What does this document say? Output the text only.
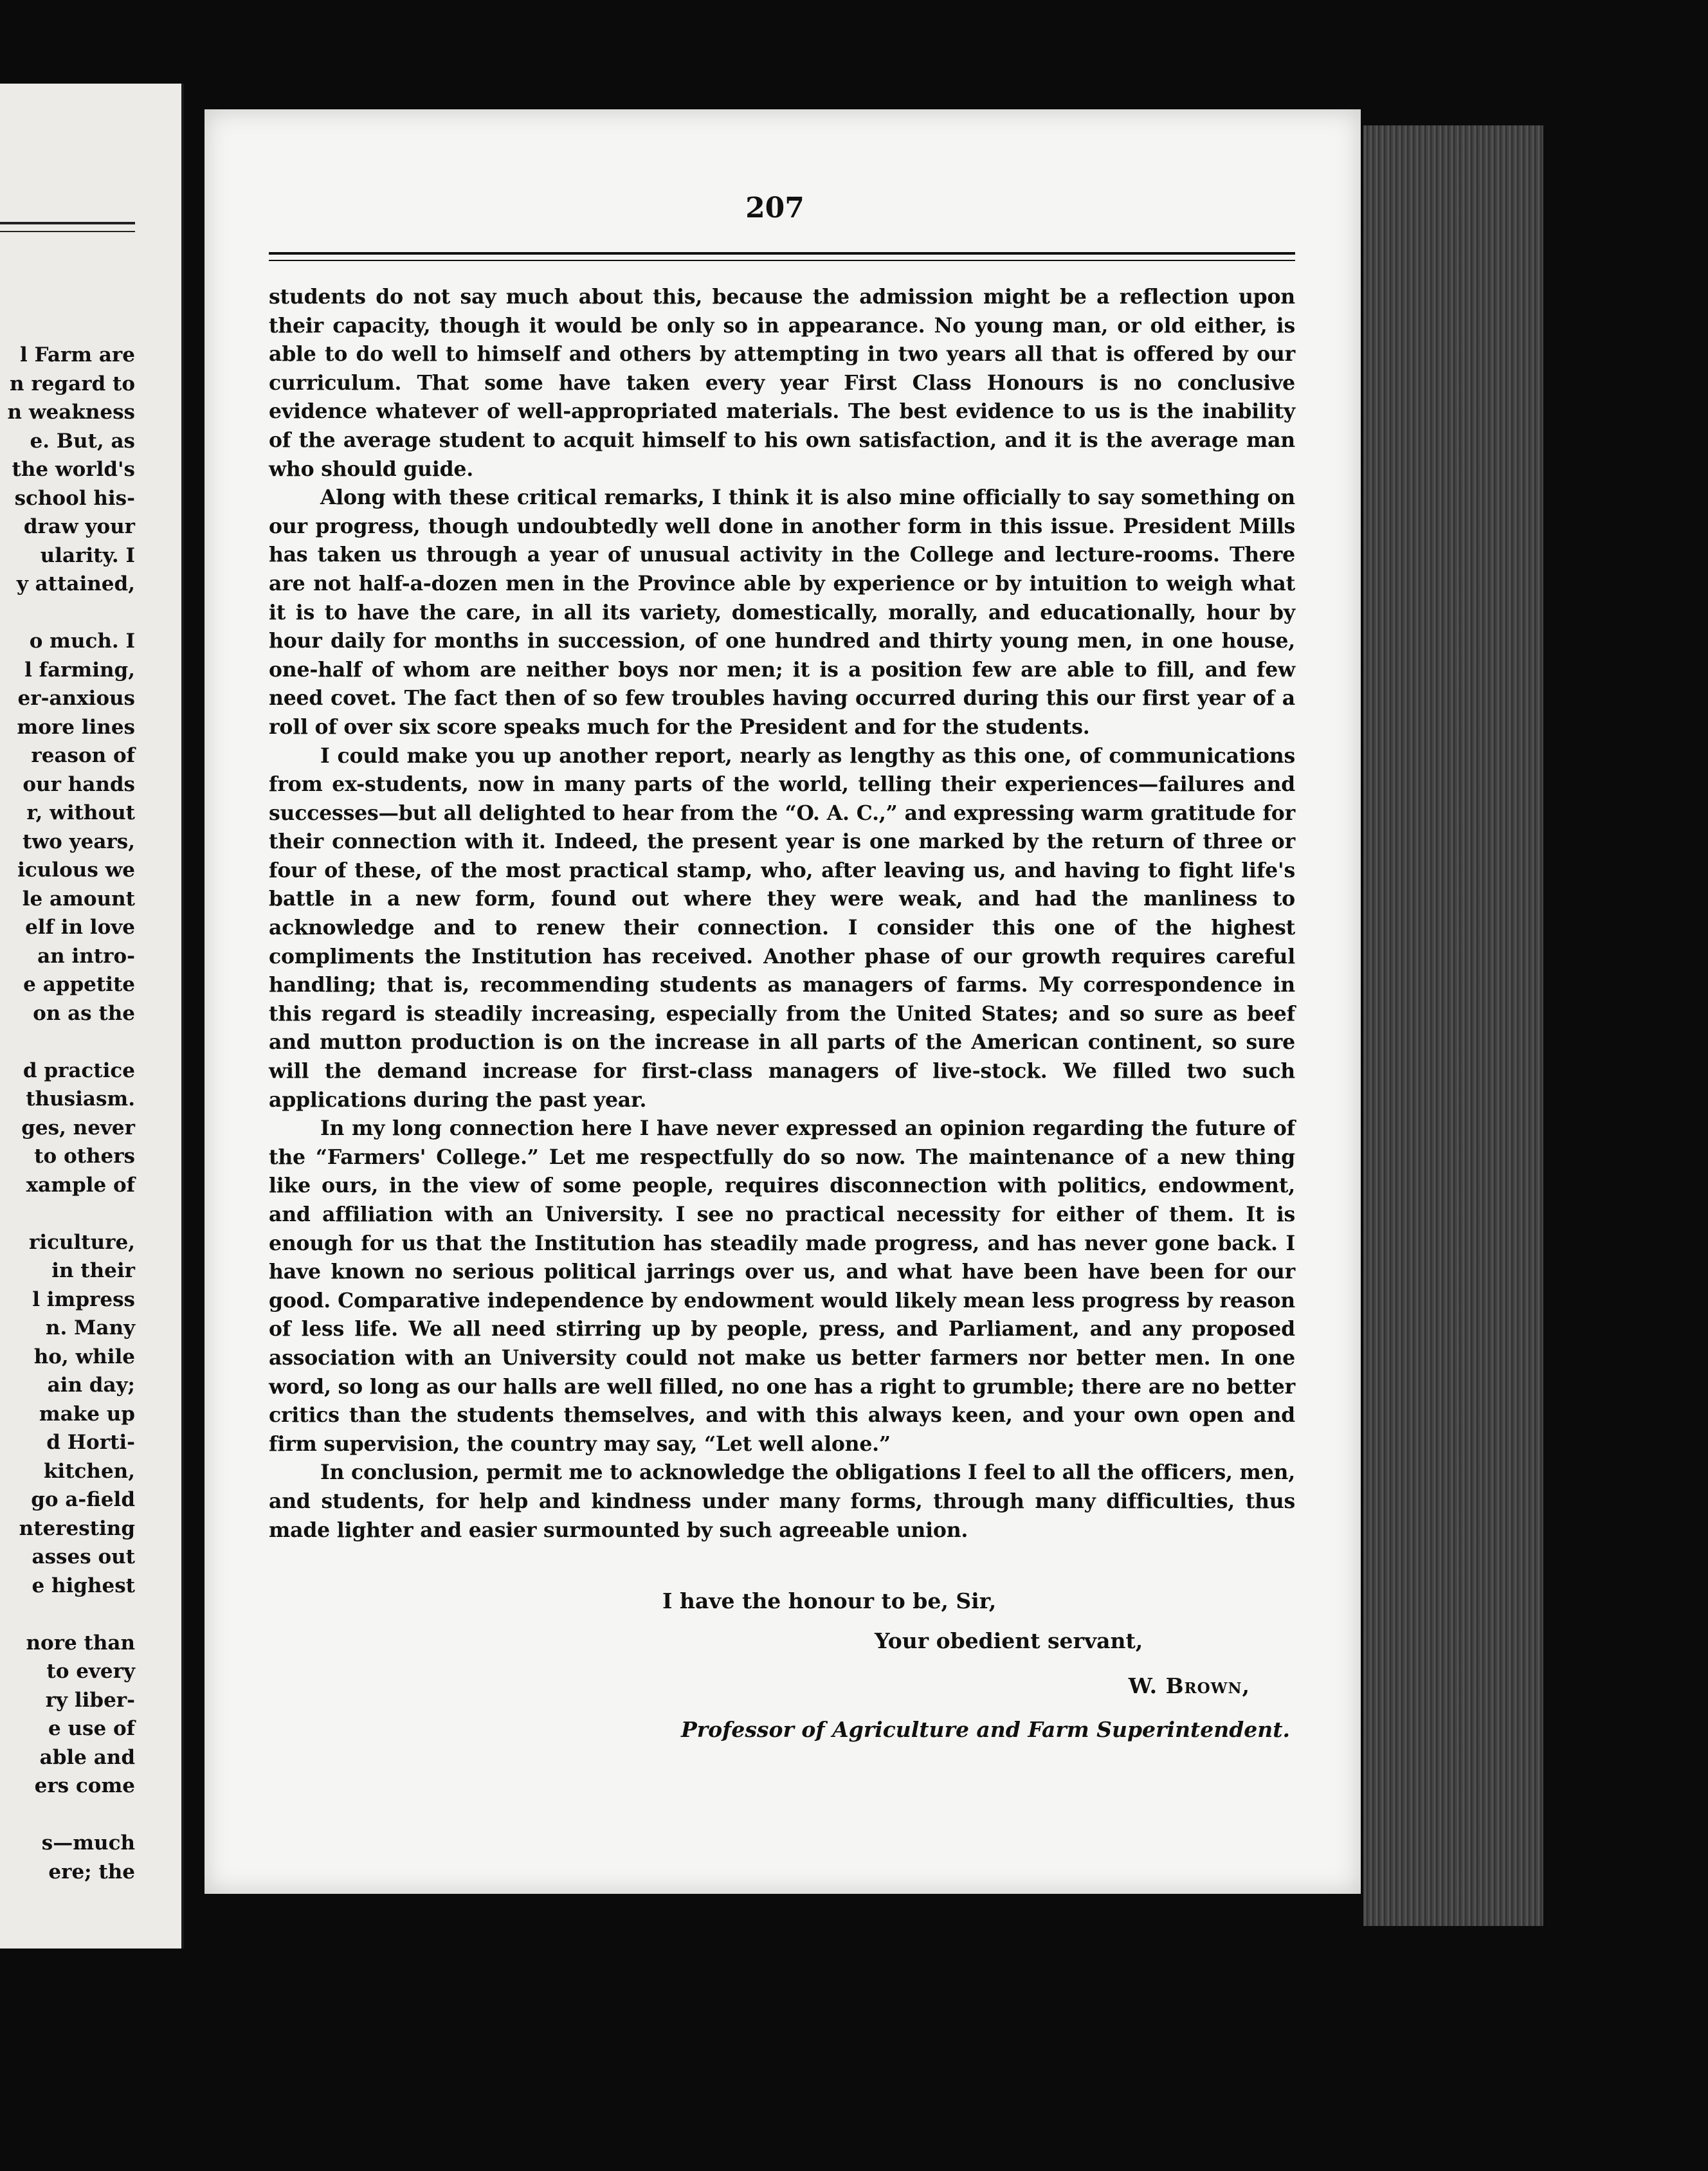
l Farm are
n regard to
n weakness
e. But, as
the world's
school his-
draw your
ularity. I
y attained,
o much. I
l farming,
er-anxious
more lines
reason of
our hands
r, without
two years,
iculous we
le amount
elf in love
an intro-
e appetite
on as the
d practice
thusiasm.
ges, never
to others
xample of
riculture,
in their
l impress
n. Many
ho, while
ain day;
make up
d Horti-
kitchen,
go a-field
nteresting
asses out
e highest
nore than
to every
ry liber-
e use of
able and
ers come
s—much
ere; the
207

students do not say much about this, because the admission might be a reflection upon their capacity, though it would be only so in appearance. No young man, or old either, is able to do well to himself and others by attempting in two years all that is offered by our curriculum. That some have taken every year First Class Honours is no conclusive evidence whatever of well-appropriated materials. The best evidence to us is the inability of the average student to acquit himself to his own satisfaction, and it is the average man who should guide.

Along with these critical remarks, I think it is also mine officially to say something on our progress, though undoubtedly well done in another form in this issue. President Mills has taken us through a year of unusual activity in the College and lecture-rooms. There are not half-a-dozen men in the Province able by experience or by intuition to weigh what it is to have the care, in all its variety, domestically, morally, and educationally, hour by hour daily for months in succession, of one hundred and thirty young men, in one house, one-half of whom are neither boys nor men; it is a position few are able to fill, and few need covet. The fact then of so few troubles having occurred during this our first year of a roll of over six score speaks much for the President and for the students.

I could make you up another report, nearly as lengthy as this one, of communications from ex-students, now in many parts of the world, telling their experiences—failures and successes—but all delighted to hear from the “O. A. C.,” and expressing warm gratitude for their connection with it. Indeed, the present year is one marked by the return of three or four of these, of the most practical stamp, who, after leaving us, and having to fight life's battle in a new form, found out where they were weak, and had the manliness to acknowledge and to renew their connection. I consider this one of the highest compliments the Institution has received. Another phase of our growth requires careful handling; that is, recommending students as managers of farms. My correspondence in this regard is steadily increasing, especially from the United States; and so sure as beef and mutton production is on the increase in all parts of the American continent, so sure will the demand increase for first-class managers of live-stock. We filled two such applications during the past year.

In my long connection here I have never expressed an opinion regarding the future of the “Farmers' College.” Let me respectfully do so now. The maintenance of a new thing like ours, in the view of some people, requires disconnection with politics, endowment, and affiliation with an University. I see no practical necessity for either of them. It is enough for us that the Institution has steadily made progress, and has never gone back. I have known no serious political jarrings over us, and what have been have been for our good. Comparative independence by endowment would likely mean less progress by reason of less life. We all need stirring up by people, press, and Parliament, and any proposed association with an University could not make us better farmers nor better men. In one word, so long as our halls are well filled, no one has a right to grumble; there are no better critics than the students themselves, and with this always keen, and your own open and firm supervision, the country may say, “Let well alone.”

In conclusion, permit me to acknowledge the obligations I feel to all the officers, men, and students, for help and kindness under many forms, through many difficulties, thus made lighter and easier surmounted by such agreeable union.

I have the honour to be, Sir,
Your obedient servant,
W. Brown,
Professor of Agriculture and Farm Superintendent.
